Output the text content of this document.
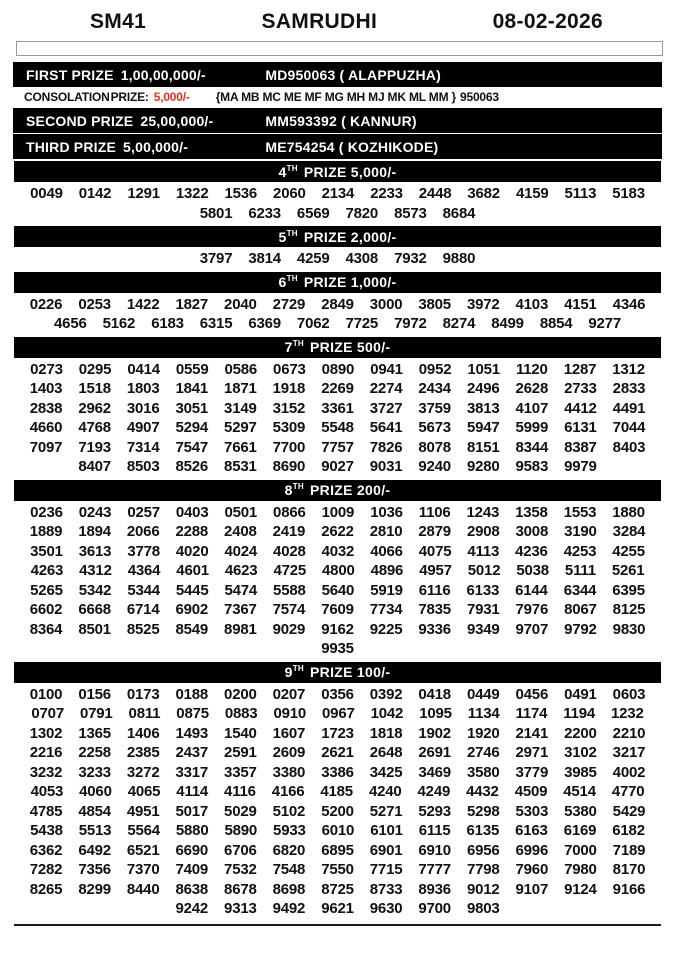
SM41	SAMRUDHI	08-02-2026
FIRST PRIZE 1,00,00,000/-	MD950063 ( ALAPPUZHA)
CONSOLATION PRIZE: 5,000/- {MA MB MC ME MF MG MH MJ MK ML MM } 950063
SECOND PRIZE 25,00,000/-	MM593392 ( KANNUR)
THIRD PRIZE 5,00,000/-	ME754254 ( KOZHIKODE)
4 TH PRIZE 5,000/-
0049 0142 1291 1322 1536 2060 2134 2233 2448 3682 4159 5113 5183
5801 6233 6569 7820 8573 8684
5 TH PRIZE 2,000/-
3797 3814 4259 4308 7932 9880
6 TH PRIZE 1,000/-
0226 0253 1422 1827 2040 2729 2849 3000 3805 3972 4103 4151 4346
4656 5162 6183 6315 6369 7062 7725 7972 8274 8499 8854 9277
7 TH PRIZE 500/-
0273 0295 0414 0559 0586 0673 0890 0941 0952 1051 1120 1287 1312
1403 1518 1803 1841 1871 1918 2269 2274 2434 2496 2628 2733 2833
2838 2962 3016 3051 3149 3152 3361 3727 3759 3813 4107 4412 4491
4660 4768 4907 5294 5297 5309 5548 5641 5673 5947 5999 6131 7044
7097 7193 7314 7547 7661 7700 7757 7826 8078 8151 8344 8387 8403
8407 8503 8526 8531 8690 9027 9031 9240 9280 9583 9979
8 TH PRIZE 200/-
0236 0243 0257 0403 0501 0866 1009 1036 1106 1243 1358 1553 1880
1889 1894 2066 2288 2408 2419 2622 2810 2879 2908 3008 3190 3284
3501 3613 3778 4020 4024 4028 4032 4066 4075 4113 4236 4253 4255
4263 4312 4364 4601 4623 4725 4800 4896 4957 5012 5038 5111 5261
5265 5342 5344 5445 5474 5588 5640 5919 6116 6133 6144 6344 6395
6602 6668 6714 6902 7367 7574 7609 7734 7835 7931 7976 8067 8125
8364 8501 8525 8549 8981 9029 9162 9225 9336 9349 9707 9792 9830
9935
9 TH PRIZE 100/-
0100 0156 0173 0188 0200 0207 0356 0392 0418 0449 0456 0491 0603
0707 0791 0811 0875 0883 0910 0967 1042 1095 1134 1174 1194 1232
1302 1365 1406 1493 1540 1607 1723 1818 1902 1920 2141 2200 2210
2216 2258 2385 2437 2591 2609 2621 2648 2691 2746 2971 3102 3217
3232 3233 3272 3317 3357 3380 3386 3425 3469 3580 3779 3985 4002
4053 4060 4065 4114 4116 4166 4185 4240 4249 4432 4509 4514 4770
4785 4854 4951 5017 5029 5102 5200 5271 5293 5298 5303 5380 5429
5438 5513 5564 5880 5890 5933 6010 6101 6115 6135 6163 6169 6182
6362 6492 6521 6690 6706 6820 6895 6901 6910 6956 6996 7000 7189
7282 7356 7370 7409 7532 7548 7550 7715 7777 7798 7960 7980 8170
8265 8299 8440 8638 8678 8698 8725 8733 8936 9012 9107 9124 9166
9242 9313 9492 9621 9630 9700 9803
